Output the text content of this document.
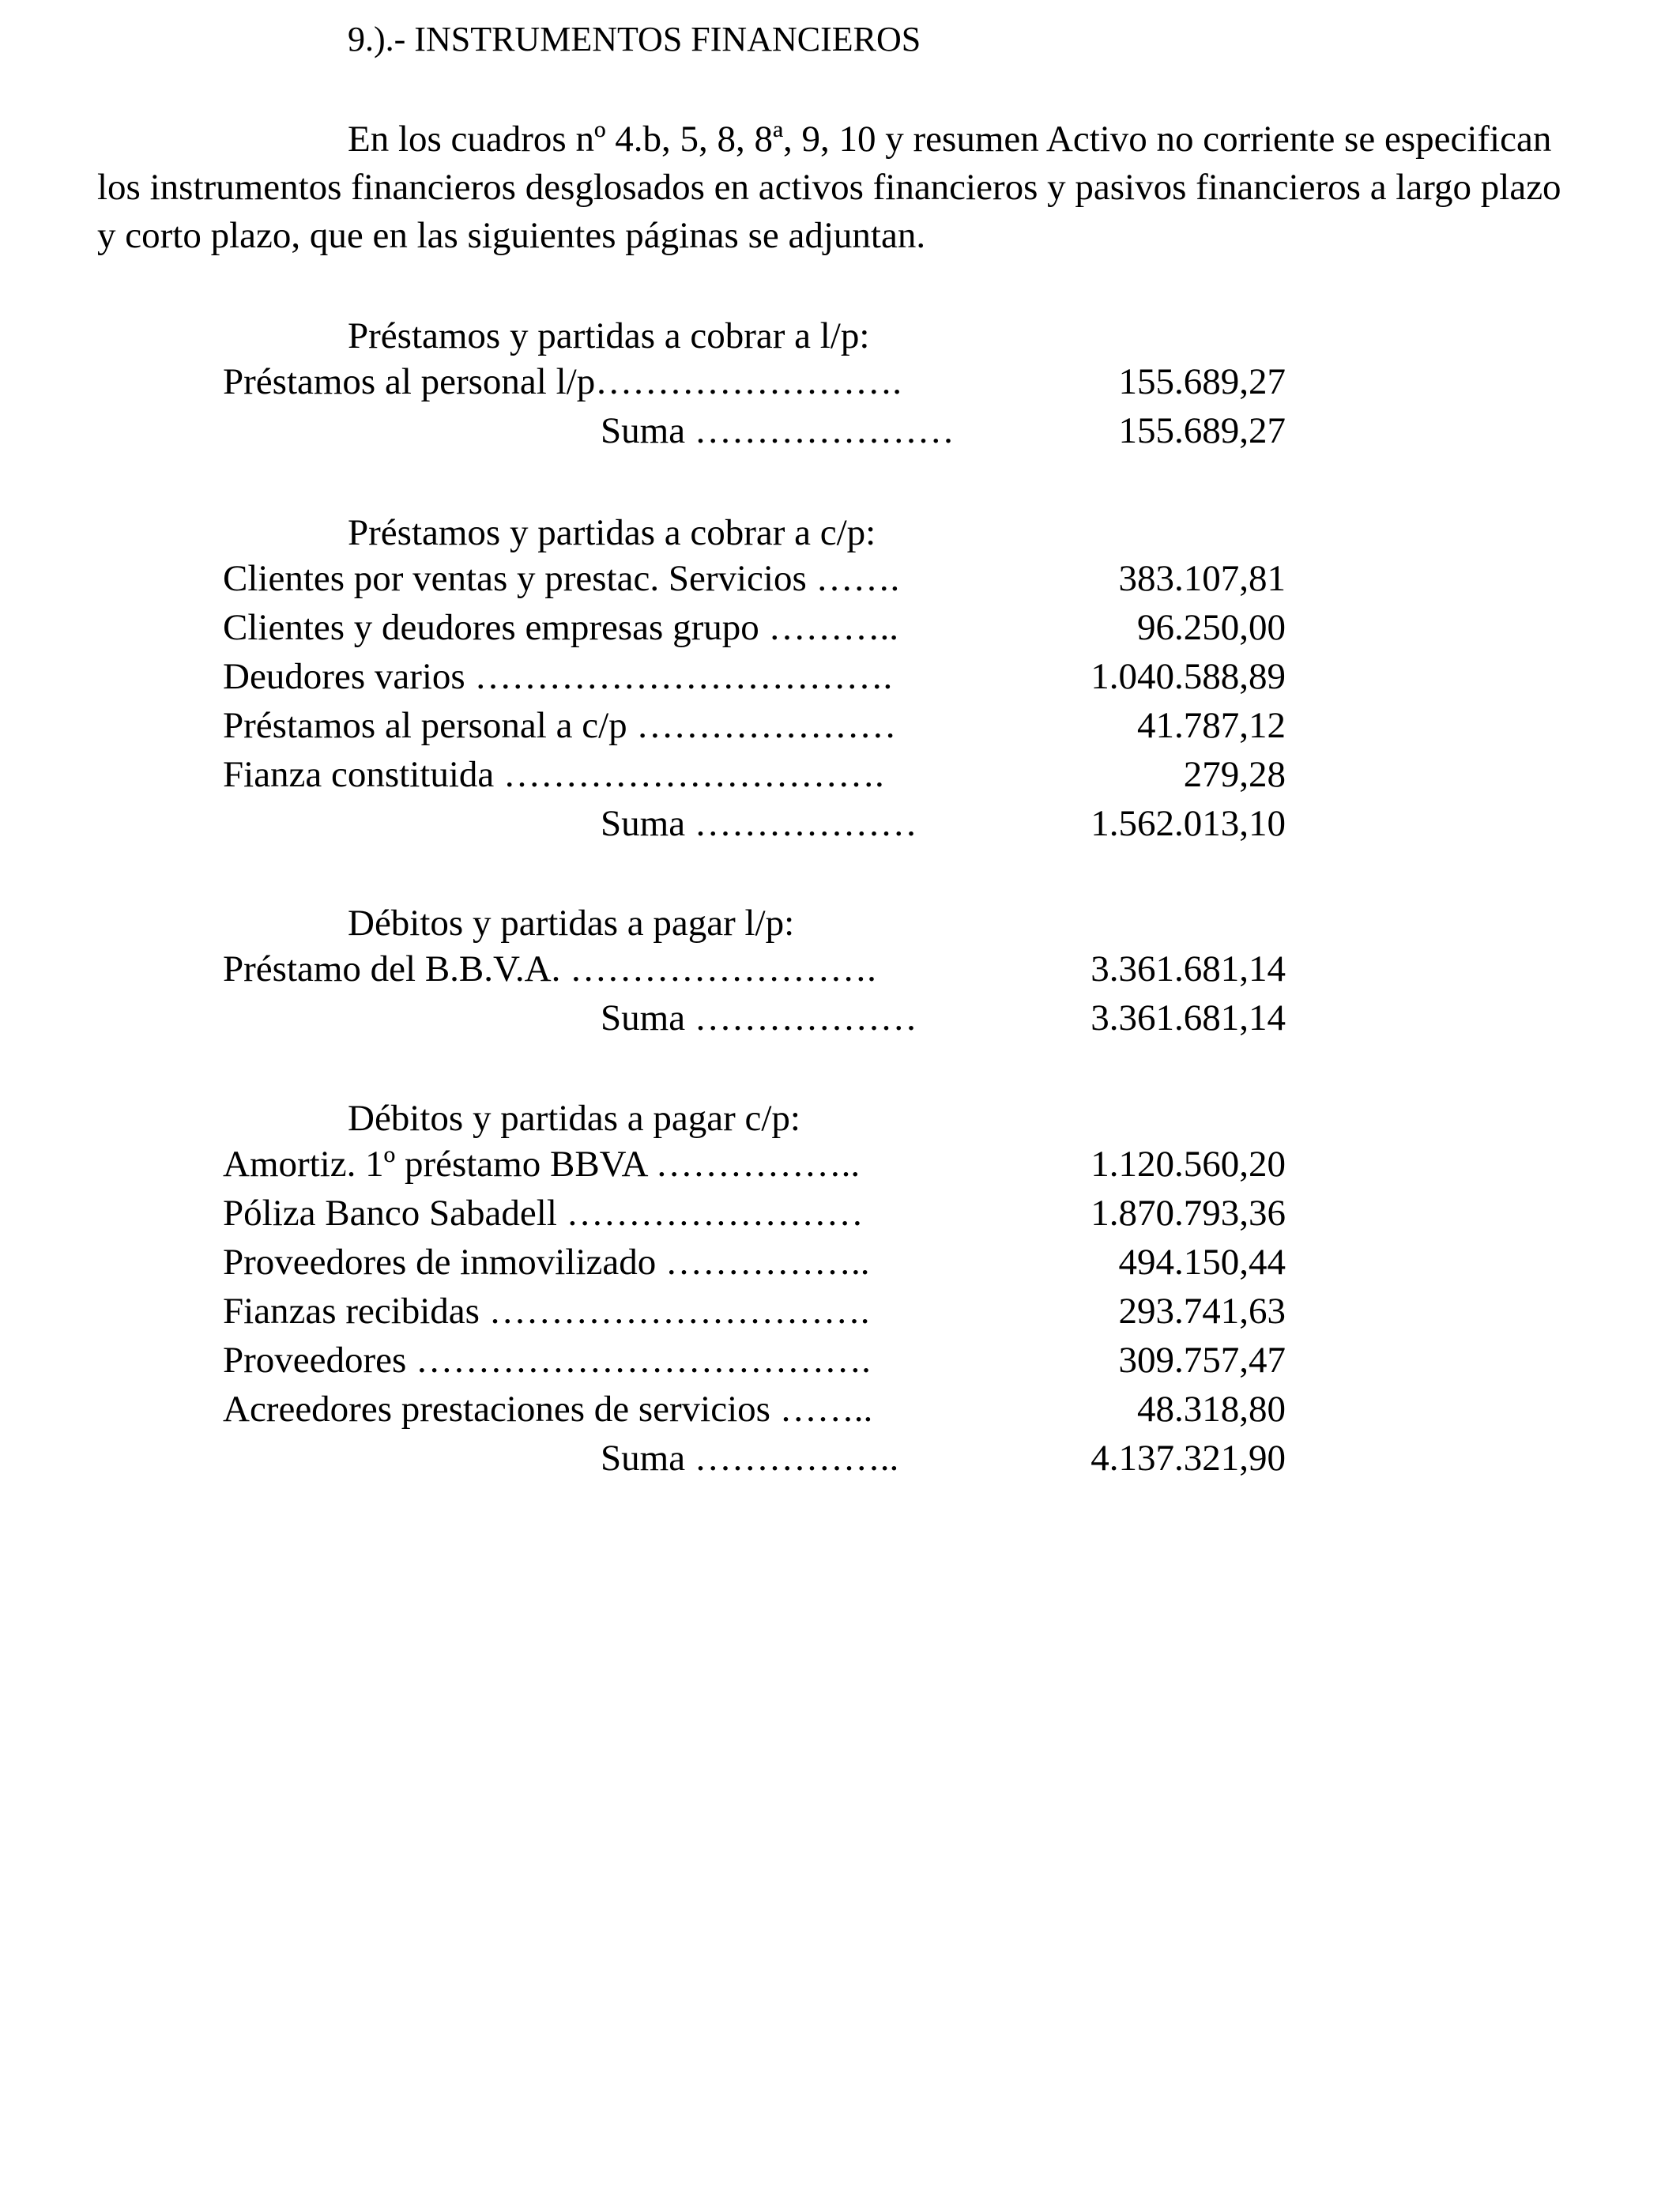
9.).- INSTRUMENTOS FINANCIEROS

En los cuadros nº 4.b, 5, 8, 8ª, 9, 10 y resumen Activo no corriente se especifican los instrumentos financieros desglosados en activos financieros y pasivos financieros a largo plazo y corto plazo, que en las siguientes páginas se adjuntan.

Préstamos y partidas a cobrar a l/p:
Préstamos al personal l/p…………………….	155.689,27
Suma …………………	155.689,27
Préstamos y partidas a cobrar a c/p:
Clientes por ventas y prestac. Servicios …….	383.107,81
Clientes y deudores empresas grupo ………..	96.250,00
Deudores varios …………………………….	1.040.588,89
Préstamos al personal a c/p …………………	41.787,12
Fianza constituida ………………………….	279,28
Suma ………………	1.562.013,10
Débitos y partidas a pagar l/p:
Préstamo del B.B.V.A. …………………….	3.361.681,14
Suma ………………	3.361.681,14
Débitos y partidas a pagar c/p:
Amortiz. 1º préstamo BBVA ……………..	1.120.560,20
Póliza Banco Sabadell ……………………	1.870.793,36
Proveedores de inmovilizado ……………..	494.150,44
Fianzas recibidas ………………………….	293.741,63
Proveedores ……………………………….	309.757,47
Acreedores prestaciones de servicios ……..	48.318,80
Suma ……………..	4.137.321,90
